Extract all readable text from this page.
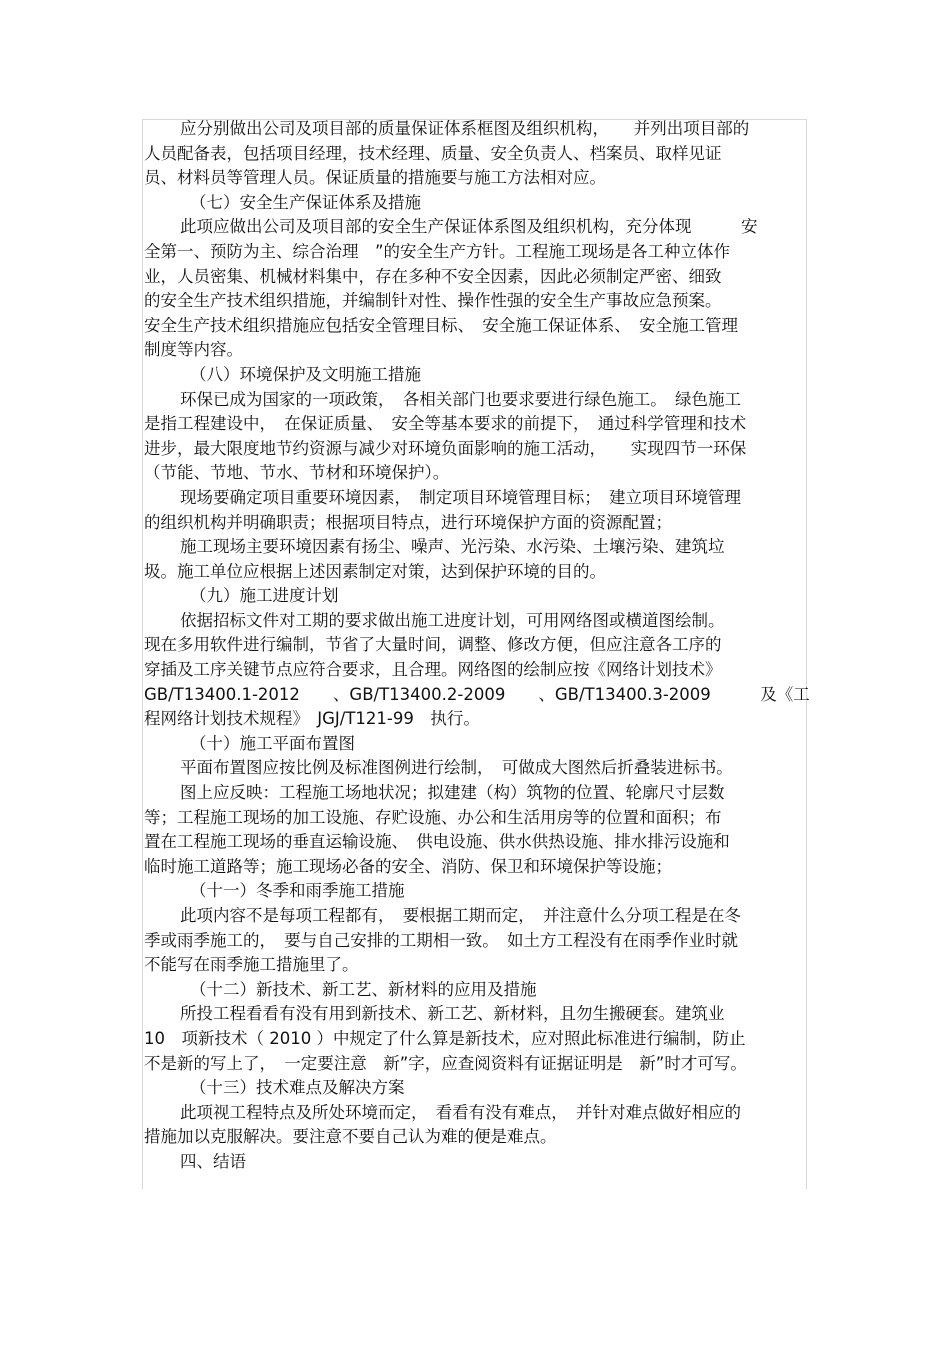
应分别做出公司及项目部的质量保证体系框图及组织机构，　　并列出项目部的
人员配备表，包括项目经理，技术经理、质量、安全负责人、档案员、取样见证
员、材料员等管理人员。保证质量的措施要与施工方法相对应。
（七）安全生产保证体系及措施
此项应做出公司及项目部的安全生产保证体系图及组织机构，充分体现　　　安
全第一、预防为主、综合治理　”的安全生产方针。工程施工现场是各工种立体作
业，人员密集、机械材料集中，存在多种不安全因素，因此必须制定严密、细致
的安全生产技术组织措施，并编制针对性、操作性强的安全生产事故应急预案。
安全生产技术组织措施应包括安全管理目标、　安全施工保证体系、　安全施工管理
制度等内容。
（八）环境保护及文明施工措施
环保已成为国家的一项政策，　各相关部门也要求要进行绿色施工。　绿色施工
是指工程建设中，　在保证质量、　安全等基本要求的前提下，　通过科学管理和技术
进步，最大限度地节约资源与减少对环境负面影响的施工活动，　　实现四节一环保
（节能、节地、节水、节材和环境保护）。
现场要确定项目重要环境因素，　制定项目环境管理目标；　建立项目环境管理
的组织机构并明确职责；根据项目特点，进行环境保护方面的资源配置；
施工现场主要环境因素有扬尘、噪声、光污染、水污染、土壤污染、建筑垃
圾。施工单位应根据上述因素制定对策，达到保护环境的目的。
（九）施工进度计划
依据招标文件对工期的要求做出施工进度计划，可用网络图或横道图绘制。
现在多用软件进行编制，节省了大量时间，调整、修改方便，但应注意各工序的
穿插及工序关键节点应符合要求，且合理。网络图的绘制应按《网络计划技术》
GB/T13400.1-2012　　、GB/T13400.2-2009　　、GB/T13400.3-2009　　　及《工
程网络计划技术规程》　JGJ/T121-99　执行。
（十）施工平面布置图
平面布置图应按比例及标准图例进行绘制，　可做成大图然后折叠装进标书。
图上应反映：工程施工场地状况；拟建建（构）筑物的位置、轮廓尺寸层数
等；工程施工现场的加工设施、存贮设施、办公和生活用房等的位置和面积；布
置在工程施工现场的垂直运输设施、　供电设施、供水供热设施、排水排污设施和
临时施工道路等；施工现场必备的安全、消防、保卫和环境保护等设施；
（十一）冬季和雨季施工措施
此项内容不是每项工程都有，　要根据工期而定，　并注意什么分项工程是在冬
季或雨季施工的，　要与自己安排的工期相一致。　如土方工程没有在雨季作业时就
不能写在雨季施工措施里了。
（十二）新技术、新工艺、新材料的应用及措施
所投工程看看有没有用到新技术、新工艺、新材料，且勿生搬硬套。建筑业
10　项新技术（ 2010 ）中规定了什么算是新技术，应对照此标准进行编制，防止
不是新的写上了，　一定要注意　新”字，应查阅资料有证据证明是　新”时才可写。
（十三）技术难点及解决方案
此项视工程特点及所处环境而定，　看看有没有难点，　并针对难点做好相应的
措施加以克服解决。要注意不要自己认为难的便是难点。
四、结语
